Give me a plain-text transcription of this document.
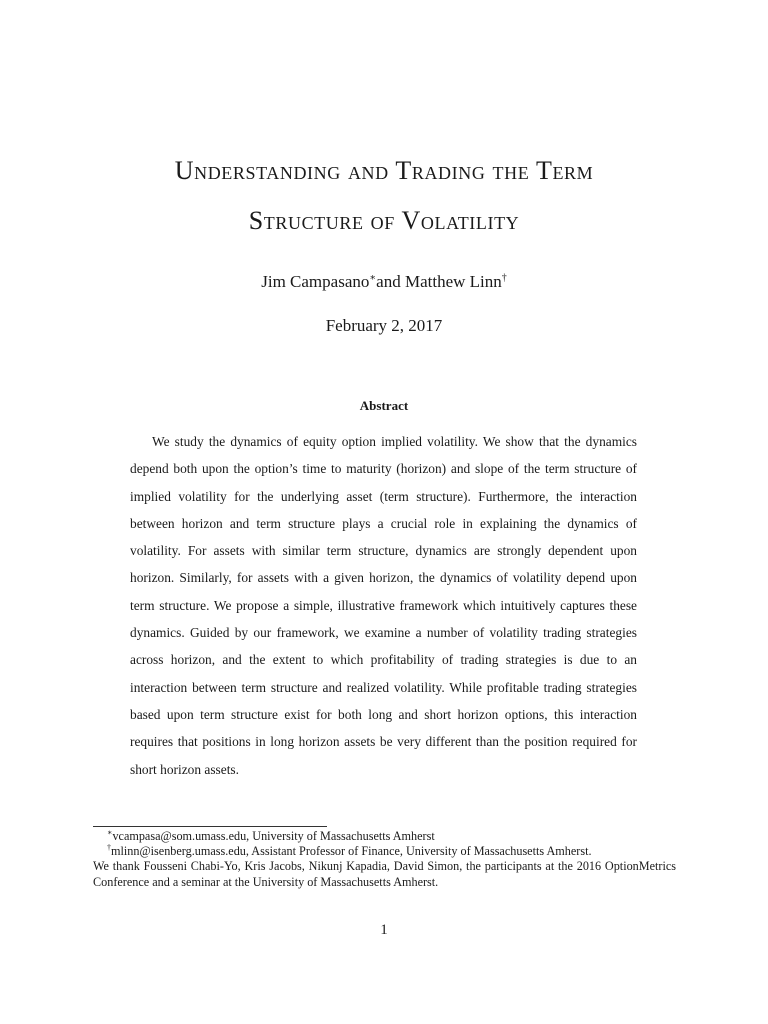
Understanding and Trading the Term
Structure of Volatility
Jim Campasano∗and Matthew Linn†
February 2, 2017
Abstract

We study the dynamics of equity option implied volatility. We show that the dynamics depend both upon the option’s time to maturity (horizon) and slope of the term structure of implied volatility for the underlying asset (term structure). Furthermore, the interaction between horizon and term structure plays a crucial role in explaining the dynamics of volatility. For assets with similar term structure, dynamics are strongly dependent upon horizon. Similarly, for assets with a given horizon, the dynamics of volatility depend upon term structure. We propose a simple, illustrative framework which intuitively captures these dynamics. Guided by our framework, we examine a number of volatility trading strategies across horizon, and the extent to which profitability of trading strategies is due to an interaction between term structure and realized volatility. While profitable trading strategies based upon term structure exist for both long and short horizon options, this interaction requires that positions in long horizon assets be very different than the position required for short horizon assets.

∗vcampasa@som.umass.edu, University of Massachusetts Amherst

†mlinn@isenberg.umass.edu, Assistant Professor of Finance, University of Massachusetts Amherst.

We thank Fousseni Chabi-Yo, Kris Jacobs, Nikunj Kapadia, David Simon, the participants at the 2016 OptionMetrics Conference and a seminar at the University of Massachusetts Amherst.

1
